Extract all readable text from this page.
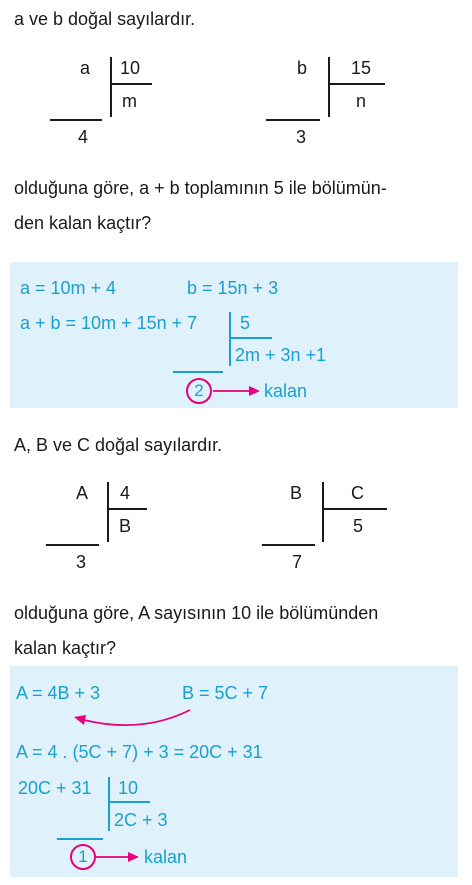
a ve b doğal sayılardır.
a 10
m
4
_
b 15
n
3
_
olduğuna göre, a + b toplamının 5 ile bölümün-
den kalan kaçtır?
a = 10m + 4	b = 15n + 3
a + b = 10m + 15n + 7 5
2m + 3n +1
_
2	kalan
A, B ve C doğal sayılardır.
A 4
B
3
_
B	C
5
7
_
olduğuna göre, A sayısının 10 ile bölümünden
kalan kaçtır?
A = 4B + 3	B = 5C + 7
A = 4 . (5C + 7) + 3 = 20C + 31
20C + 31 10
2C + 3
_
1	kalan
